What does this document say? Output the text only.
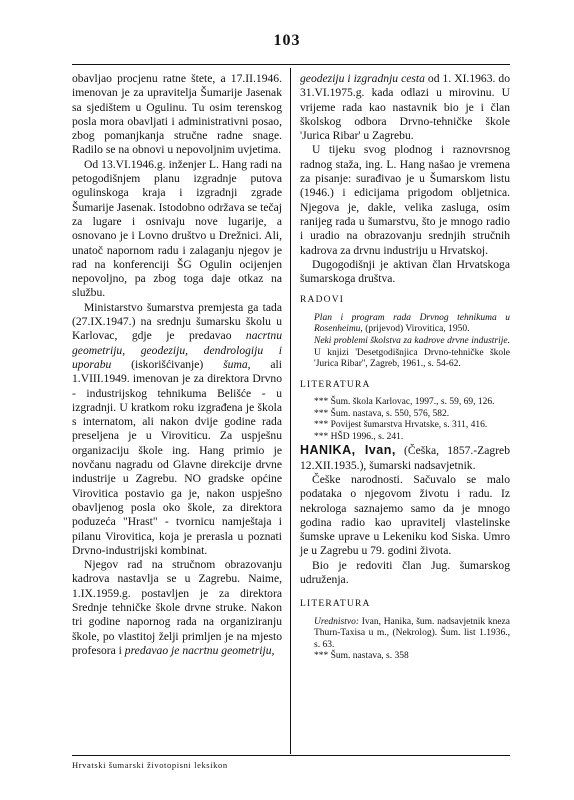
103

obavljao procjenu ratne štete, a 17.II.1946. imenovan je za upravitelja Šumarije Jasenak sa sjedištem u Ogulinu. Tu osim terenskog posla mora obavljati i administrativni posao, zbog pomanjkanja stručne radne snage. Radilo se na obnovi u nepovoljnim uvjetima.

Od 13.VI.1946.g. inženjer L. Hang radi na petogodišnjem planu izgradnje putova ogulinskoga kraja i izgradnji zgrade Šumarije Jasenak. Istodobno održava se tečaj za lugare i osnivaju nove lugarije, a osnovano je i Lovno društvo u Drežnici. Ali, unatoč napornom radu i zalaganju njegov je rad na konferenciji ŠG Ogulin ocijenjen nepovoljno, pa zbog toga daje otkaz na službu.

Ministarstvo šumarstva premjesta ga tada (27.IX.1947.) na srednju šumarsku školu u Karlovac, gdje je predavao nacrtnu geometriju, geodeziju, dendrologiju i uporabu (iskorišćivanje) šuma, ali 1.VIII.1949. imenovan je za direktora Drvno - industrijskog tehnikuma Belišće - u izgradnji. U kratkom roku izgrađena je škola s internatom, ali nakon dvije godine rada preseljena je u Viroviticu. Za uspješnu organizaciju škole ing. Hang primio je novčanu nagradu od Glavne direkcije drvne industrije u Zagrebu. NO gradske općine Virovitica postavio ga je, nakon uspješno obavljenog posla oko škole, za direktora poduzeća "Hrast" - tvornicu namještaja i pilanu Virovitica, koja je prerasla u poznati Drvno-industrijski kombinat.

Njegov rad na stručnom obrazovanju kadrova nastavlja se u Zagrebu. Naime, 1.IX.1959.g. postavljen je za direktora Srednje tehničke škole drvne struke. Nakon tri godine napornog rada na organiziranju škole, po vlastitoj želji primljen je na mjesto profesora i predavao je nacrtnu geometriju,

geodeziju i izgradnju cesta od 1. XI.1963. do 31.VI.1975.g. kada odlazi u mirovinu. U vrijeme rada kao nastavnik bio je i član školskog odbora Drvno-tehničke škole 'Jurica Ribar' u Zagrebu.

U tijeku svog plodnog i raznovrsnog radnog staža, ing. L. Hang našao je vremena za pisanje: surađivao je u Šumarskom listu (1946.) i edicijama prigodom obljetnica. Njegova je, dakle, velika zasluga, osim ranijeg rada u šumarstvu, što je mnogo radio i uradio na obrazovanju srednjih stručnih kadrova za drvnu industriju u Hrvatskoj.

Dugogodišnji je aktivan član Hrvatskoga šumarskoga društva.

RADOVI
Plan i program rada Drvnog tehnikuma u Rosenheimu, (prijevod) Virovitica, 1950.
Neki problemi školstva za kadrove drvne industrije. U knjizi 'Desetgodišnjica Drvno-tehničke škole 'Jurica Ribar'', Zagreb, 1961., s. 54-62.
LITERATURA
*** Šum. škola Karlovac, 1997., s. 59, 69, 126.
*** Šum. nastava, s. 550, 576, 582.
*** Povijest šumarstva Hrvatske, s. 311, 416.
*** HŠD 1996., s. 241.

HANIKA, Ivan, (Češka, 1857.-Zagreb 12.XII.1935.), šumarski nadsavjetnik.

Češke narodnosti. Sačuvalo se malo podataka o njegovom životu i radu. Iz nekrologa saznajemo samo da je mnogo godina radio kao upravitelj vlastelinske šumske uprave u Lekeniku kod Siska. Umro je u Zagrebu u 79. godini života.

Bio je redoviti član Jug. šumarskog udruženja.

LITERATURA
Urednistvo: Ivan, Hanika, šum. nadsavjetnik kneza Thurn-Taxisa u m., (Nekrolog). Šum. list 1.1936., s. 63.
*** Šum. nastava, s. 358
Hrvatski šumarski životopisni leksikon
